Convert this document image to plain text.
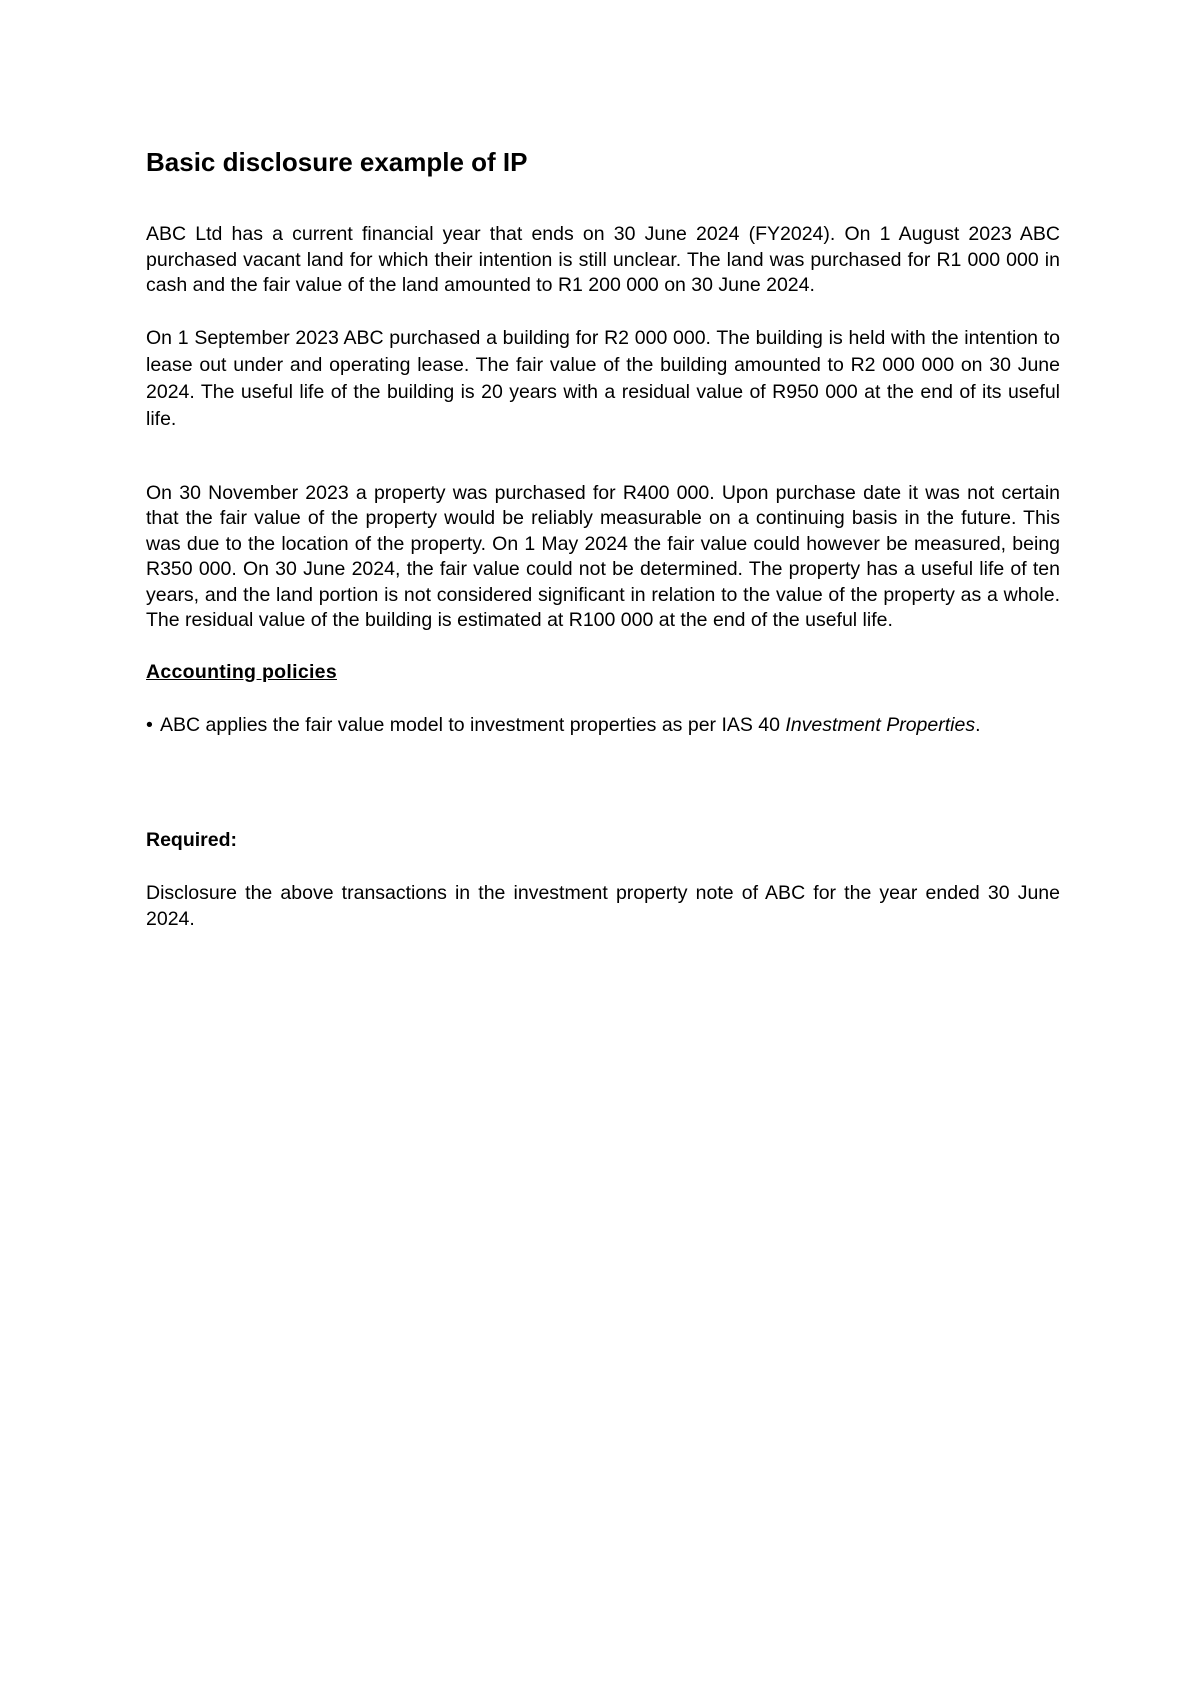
Basic disclosure example of IP

ABC Ltd has a current financial year that ends on 30 June 2024 (FY2024). On 1 August 2023 ABC purchased vacant land for which their intention is still unclear. The land was purchased for R1 000 000 in cash and the fair value of the land amounted to R1 200 000 on 30 June 2024.

On 1 September 2023 ABC purchased a building for R2 000 000. The building is held with the intention to lease out under and operating lease. The fair value of the building amounted to R2 000 000 on 30 June 2024. The useful life of the building is 20 years with a residual value of R950 000 at the end of its useful life.

On 30 November 2023 a property was purchased for R400 000. Upon purchase date it was not certain that the fair value of the property would be reliably measurable on a continuing basis in the future. This was due to the location of the property. On 1 May 2024 the fair value could however be measured, being R350 000. On 30 June 2024, the fair value could not be determined. The property has a useful life of ten years, and the land portion is not considered significant in relation to the value of the property as a whole. The residual value of the building is estimated at R100 000 at the end of the useful life.

Accounting policies
• ABC applies the fair value model to investment properties as per IAS 40 Investment Properties.
Required:

Disclosure the above transactions in the investment property note of ABC for the year ended 30 June 2024.
